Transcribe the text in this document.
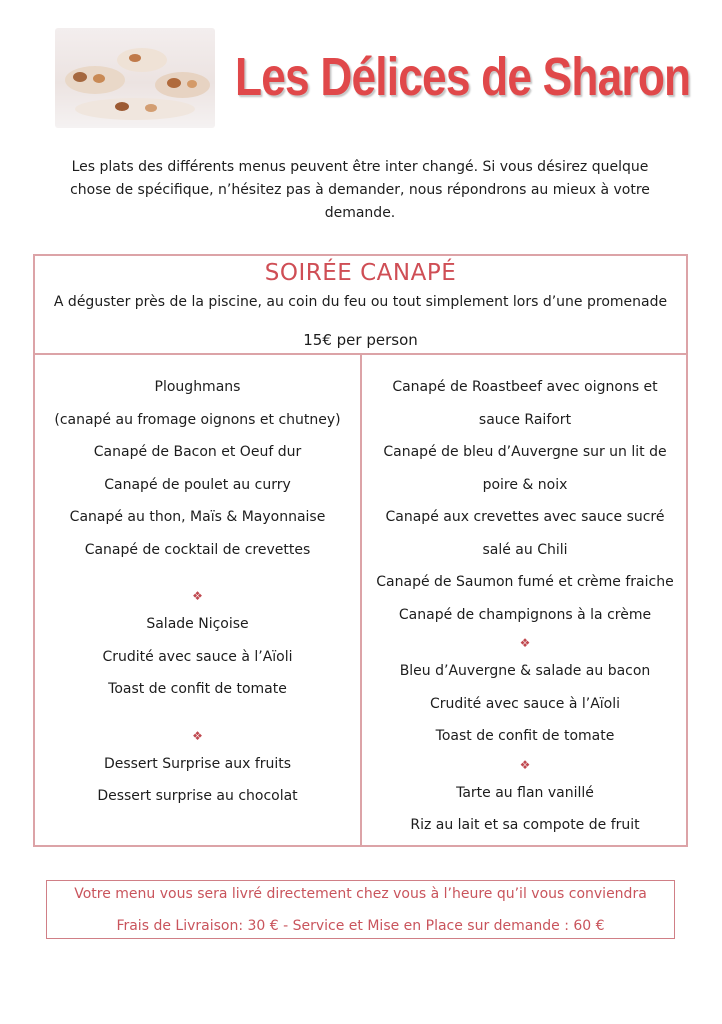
Les Délices de Sharon
Les plats des différents menus peuvent être inter changé. Si vous désirez quelque chose de spécifique, n’hésitez pas à demander, nous répondrons au mieux à votre demande.
SOIRÉE CANAPÉ
A déguster près de la piscine, au coin du feu ou tout simplement lors d’une promenade
15€ per person
Ploughmans
(canapé au fromage oignons et chutney)
Canapé de Bacon et Oeuf dur
Canapé de poulet au curry
Canapé au thon, Maïs & Mayonnaise
Canapé de cocktail de crevettes
❖
Salade Niçoise
Crudité avec sauce à l’Aïoli
Toast de confit de tomate
❖
Dessert Surprise aux fruits
Dessert surprise au chocolat
Canapé de Roastbeef avec oignons et
sauce Raifort
Canapé de bleu d’Auvergne sur un lit de
poire & noix
Canapé aux crevettes avec sauce sucré
salé au Chili
Canapé de Saumon fumé et crème fraiche
Canapé de champignons à la crème
❖
Bleu d’Auvergne & salade au bacon
Crudité avec sauce à l’Aïoli
Toast de confit de tomate
❖
Tarte au flan vanillé
Riz au lait et sa compote de fruit
Votre menu vous sera livré directement chez vous à l’heure qu’il vous conviendra
Frais de Livraison: 30 € - Service et Mise en Place sur demande : 60 €
